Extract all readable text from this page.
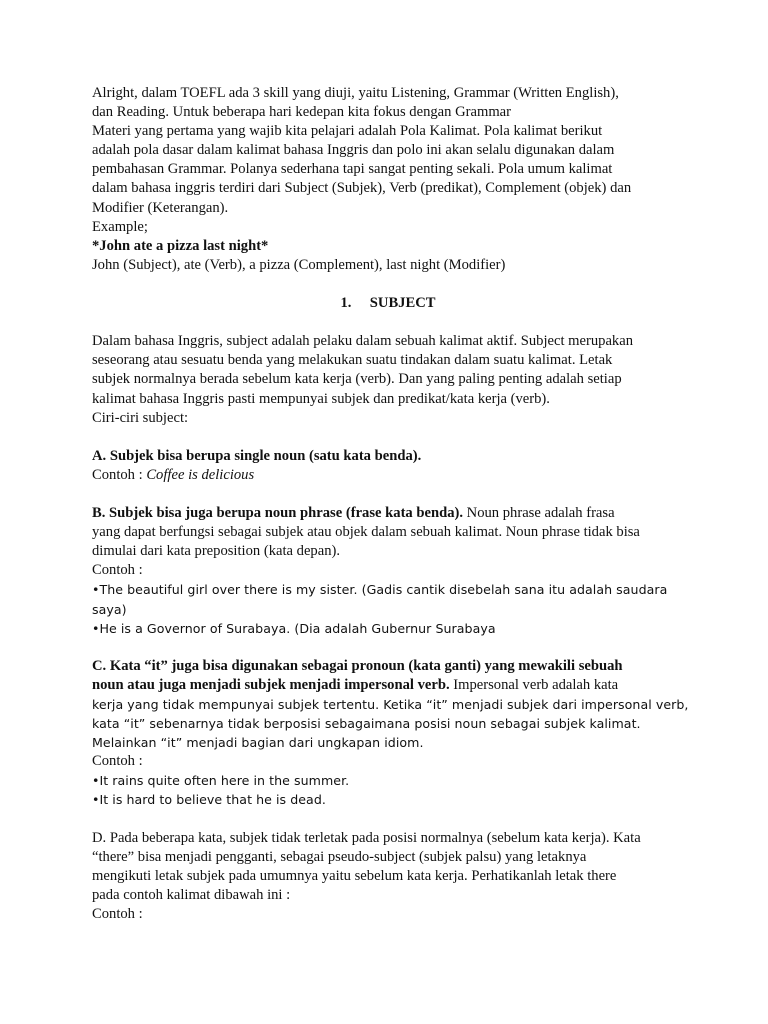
Alright, dalam TOEFL ada 3 skill yang diuji, yaitu Listening, Grammar (Written English),
dan Reading. Untuk beberapa hari kedepan kita fokus dengan Grammar
Materi yang pertama yang wajib kita pelajari adalah Pola Kalimat. Pola kalimat berikut
adalah pola dasar dalam kalimat bahasa Inggris dan polo ini akan selalu digunakan dalam
pembahasan Grammar. Polanya sederhana tapi sangat penting sekali. Pola umum kalimat
dalam bahasa inggris terdiri dari Subject (Subjek), Verb (predikat), Complement (objek) dan
Modifier (Keterangan).
Example;
*John ate a pizza last night*
John (Subject), ate (Verb), a pizza (Complement), last night (Modifier)
1. SUBJECT
Dalam bahasa Inggris, subject adalah pelaku dalam sebuah kalimat aktif. Subject merupakan
seseorang atau sesuatu benda yang melakukan suatu tindakan dalam suatu kalimat. Letak
subjek normalnya berada sebelum kata kerja (verb). Dan yang paling penting adalah setiap
kalimat bahasa Inggris pasti mempunyai subjek dan predikat/kata kerja (verb).
Ciri-ciri subject:
A. Subjek bisa berupa single noun (satu kata benda).
Contoh : Coffee is delicious
B. Subjek bisa juga berupa noun phrase (frase kata benda). Noun phrase adalah frasa
yang dapat berfungsi sebagai subjek atau objek dalam sebuah kalimat. Noun phrase tidak bisa
dimulai dari kata preposition (kata depan).
Contoh :
•The beautiful girl over there is my sister. (Gadis cantik disebelah sana itu adalah saudara
saya)
•He is a Governor of Surabaya. (Dia adalah Gubernur Surabaya
C. Kata “it” juga bisa digunakan sebagai pronoun (kata ganti) yang mewakili sebuah
noun atau juga menjadi subjek menjadi impersonal verb. Impersonal verb adalah kata
kerja yang tidak mempunyai subjek tertentu. Ketika “it” menjadi subjek dari impersonal verb,
kata “it” sebenarnya tidak berposisi sebagaimana posisi noun sebagai subjek kalimat.
Melainkan “it” menjadi bagian dari ungkapan idiom.
Contoh :
•It rains quite often here in the summer.
•It is hard to believe that he is dead.
D. Pada beberapa kata, subjek tidak terletak pada posisi normalnya (sebelum kata kerja). Kata
“there” bisa menjadi pengganti, sebagai pseudo-subject (subjek palsu) yang letaknya
mengikuti letak subjek pada umumnya yaitu sebelum kata kerja. Perhatikanlah letak there
pada contoh kalimat dibawah ini :
Contoh :
